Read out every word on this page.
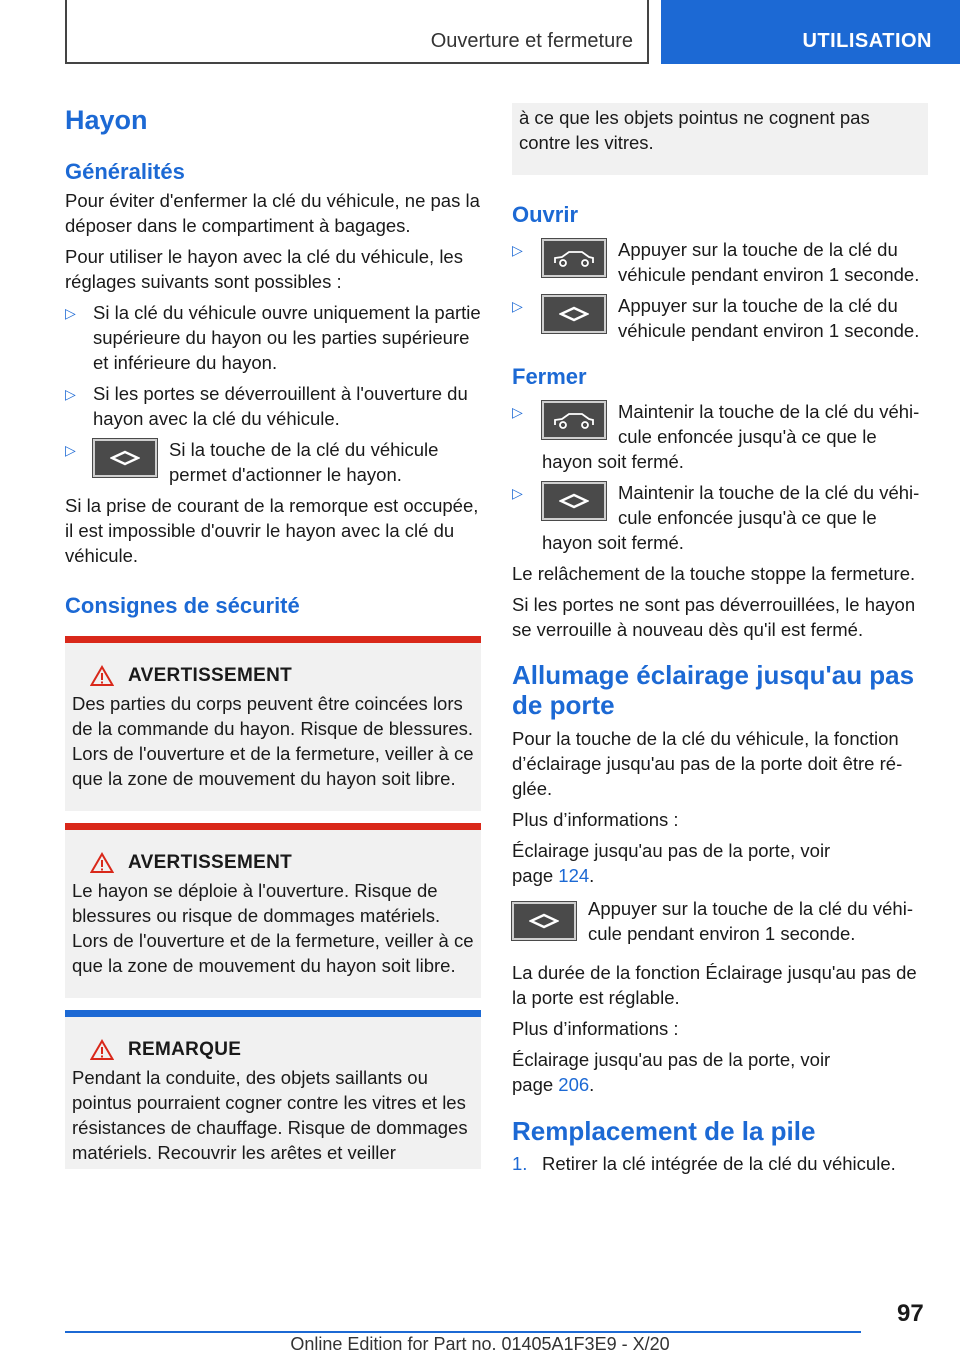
Ouverture et fermeture	UTILISATION
Hayon
Généralités

Pour éviter d'enfermer la clé du véhicule, ne pas la déposer dans le compartiment à bagages.

Pour utiliser le hayon avec la clé du véhicule, les réglages suivants sont possibles :

▷ Si la clé du véhicule ouvre uniquement la partie supérieure du hayon ou les parties supérieure et inférieure du hayon.
▷ Si les portes se déverrouillent à l'ouverture du hayon avec la clé du véhicule.
▷	Si la touche de la clé du véhicule permet d'actionner le hayon.

Si la prise de courant de la remorque est occupée, il est impossible d'ouvrir le hayon avec la clé du véhicule.

Consignes de sécurité
AVERTISSEMENT
Des parties du corps peuvent être coincées lors de la commande du hayon. Risque de blessures. Lors de l'ouverture et de la fermeture, veiller à ce que la zone de mouvement du hayon soit libre.
AVERTISSEMENT
Le hayon se déploie à l'ouverture. Risque de blessures ou risque de dommages matériels. Lors de l'ouverture et de la fermeture, veiller à ce que la zone de mouvement du hayon soit libre.
REMARQUE
Pendant la conduite, des objets saillants ou pointus pourraient cogner contre les vitres et les résistances de chauffage. Risque de dommages matériels. Recouvrir les arêtes et veiller
à ce que les objets pointus ne cognent pas contre les vitres.
Ouvrir
▷	Appuyer sur la touche de la clé du véhicule pendant environ 1 seconde.
▷	Appuyer sur la touche de la clé du véhicule pendant environ 1 seconde.
Fermer
▷	Maintenir la touche de la clé du véhicule enfoncée jusqu'à ce que le
hayon soit fermé.
▷	Maintenir la touche de la clé du véhicule enfoncée jusqu'à ce que le
hayon soit fermé.

Le relâchement de la touche stoppe la fermeture.

Si les portes ne sont pas déverrouillées, le hayon se verrouille à nouveau dès qu'il est fermé.

Allumage éclairage jusqu'au pas de porte

Pour la touche de la clé du véhicule, la fonction d’éclairage jusqu'au pas de la porte doit être réglée.

Plus d’informations :

Éclairage jusqu'au pas de la porte, voir
page 124.

Appuyer sur la touche de la clé du véhicule pendant environ 1 seconde.

La durée de la fonction Éclairage jusqu'au pas de la porte est réglable.

Plus d’informations :

Éclairage jusqu'au pas de la porte, voir
page 206.

Remplacement de la pile
1. Retirer la clé intégrée de la clé du véhicule.
97
Online Edition for Part no. 01405A1F3E9 - X/20
